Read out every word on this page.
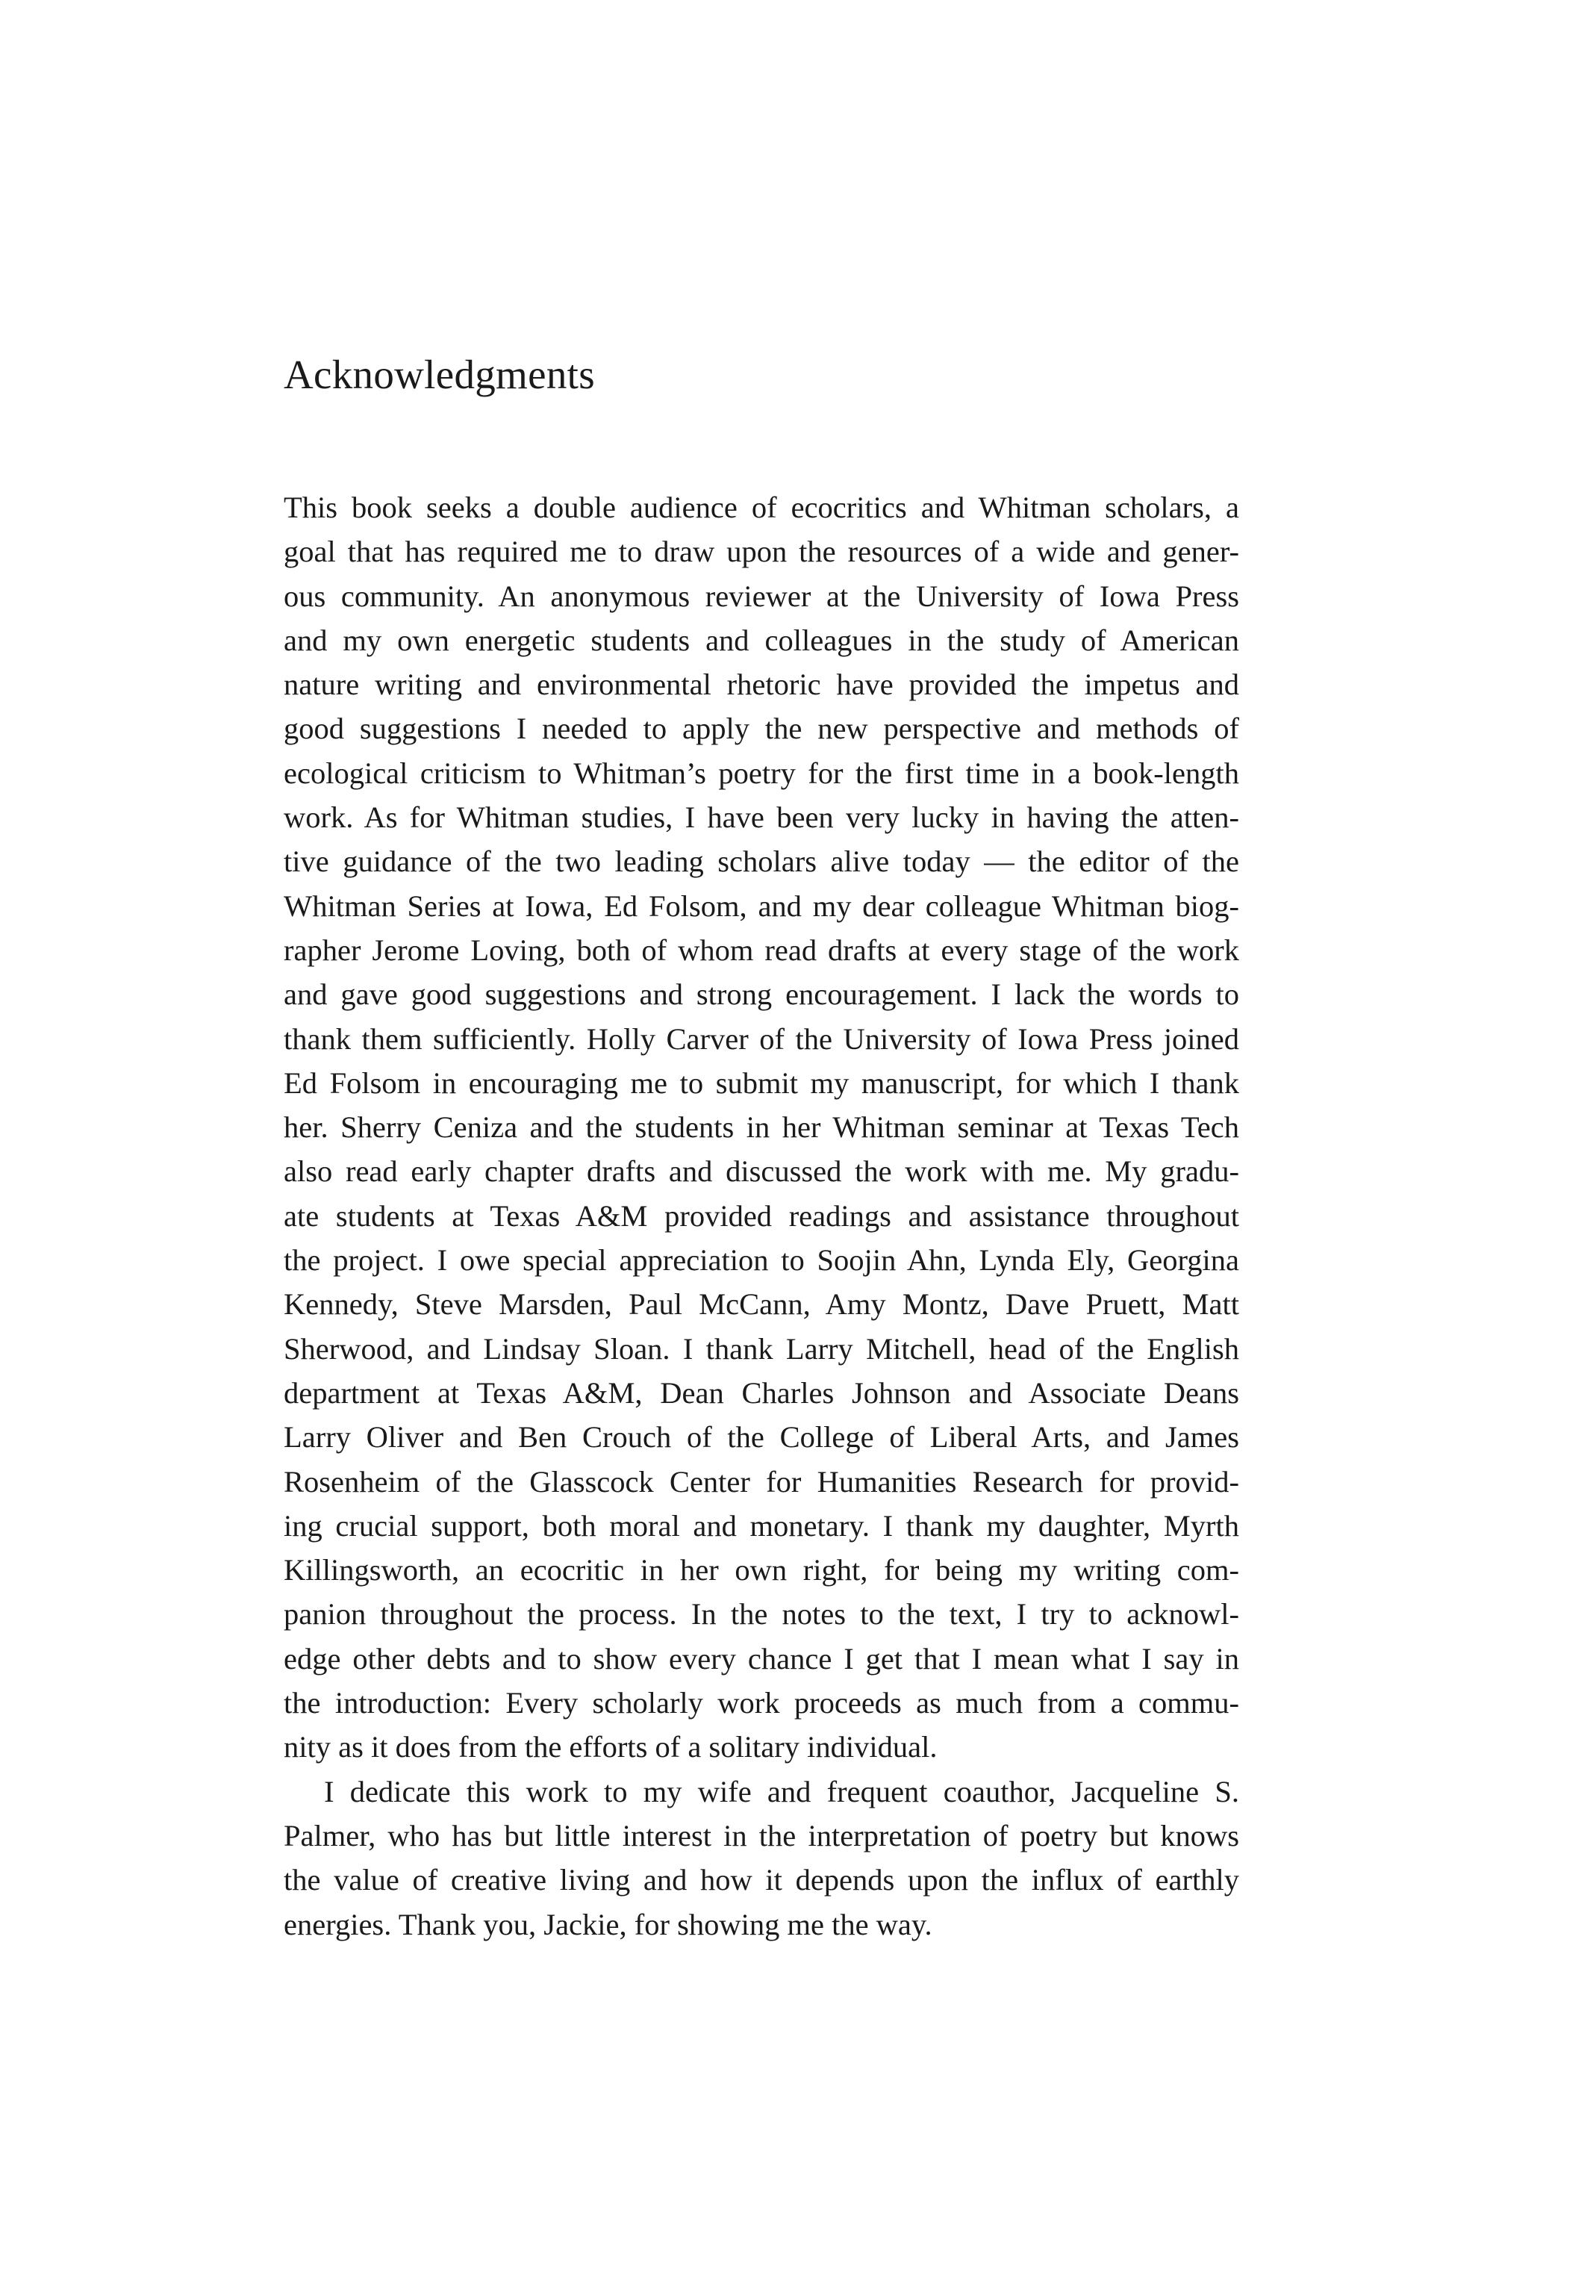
Acknowledgments

This book seeks a double audience of ecocritics and Whitman scholars, a
goal that has required me to draw upon the resources of a wide and gener-
ous community. An anonymous reviewer at the University of Iowa Press
and my own energetic students and colleagues in the study of American
nature writing and environmental rhetoric have provided the impetus and
good suggestions I needed to apply the new perspective and methods of
ecological criticism to Whitman’s poetry for the first time in a book-length
work. As for Whitman studies, I have been very lucky in having the atten-
tive guidance of the two leading scholars alive today — the editor of the
Whitman Series at Iowa, Ed Folsom, and my dear colleague Whitman biog-
rapher Jerome Loving, both of whom read drafts at every stage of the work
and gave good suggestions and strong encouragement. I lack the words to
thank them sufficiently. Holly Carver of the University of Iowa Press joined
Ed Folsom in encouraging me to submit my manuscript, for which I thank
her. Sherry Ceniza and the students in her Whitman seminar at Texas Tech
also read early chapter drafts and discussed the work with me. My gradu-
ate students at Texas A&M provided readings and assistance throughout
the project. I owe special appreciation to Soojin Ahn, Lynda Ely, Georgina
Kennedy, Steve Marsden, Paul McCann, Amy Montz, Dave Pruett, Matt
Sherwood, and Lindsay Sloan. I thank Larry Mitchell, head of the English
department at Texas A&M, Dean Charles Johnson and Associate Deans
Larry Oliver and Ben Crouch of the College of Liberal Arts, and James
Rosenheim of the Glasscock Center for Humanities Research for provid-
ing crucial support, both moral and monetary. I thank my daughter, Myrth
Killingsworth, an ecocritic in her own right, for being my writing com-
panion throughout the process. In the notes to the text, I try to acknowl-
edge other debts and to show every chance I get that I mean what I say in
the introduction: Every scholarly work proceeds as much from a commu-
nity as it does from the efforts of a solitary individual.

I dedicate this work to my wife and frequent coauthor, Jacqueline S.
Palmer, who has but little interest in the interpretation of poetry but knows
the value of creative living and how it depends upon the influx of earthly
energies. Thank you, Jackie, for showing me the way.
